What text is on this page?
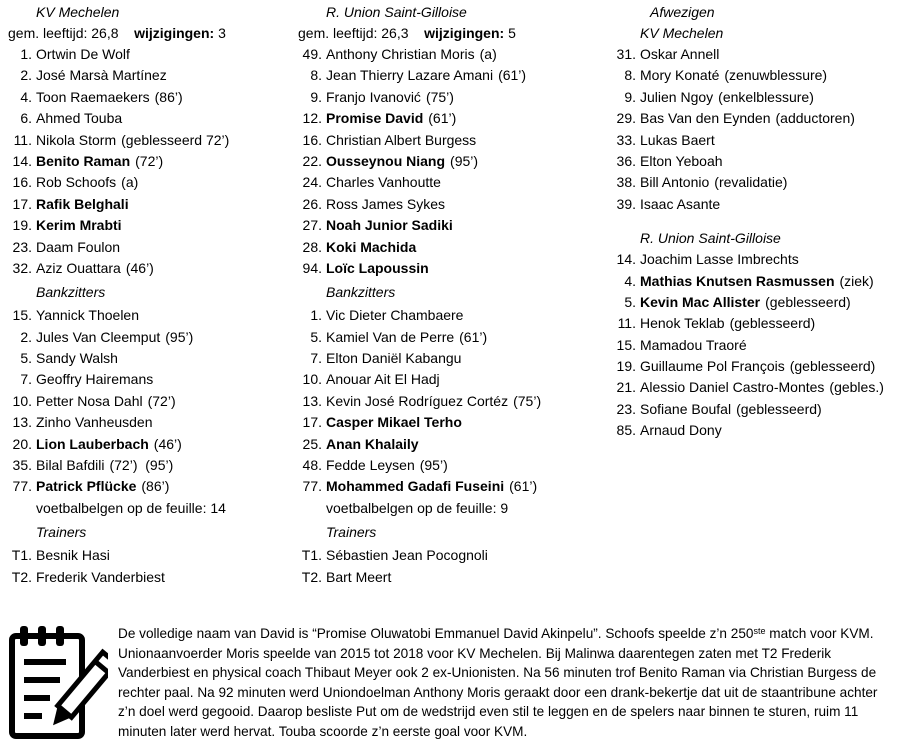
KV Mechelen
gem. leeftijd: 26,8 wijzigingen: 3
1. Ortwin De Wolf
2. José Marsà Martínez
4. Toon Raemaekers (86’)
6. Ahmed Touba
11. Nikola Storm (geblesseerd 72’)
14. Benito Raman (72’)
16. Rob Schoofs (a)
17. Rafik Belghali
19. Kerim Mrabti
23. Daam Foulon
32. Aziz Ouattara (46’)
Bankzitters
15. Yannick Thoelen
2. Jules Van Cleemput (95’)
5. Sandy Walsh
7. Geoffry Hairemans
10. Petter Nosa Dahl (72’)
13. Zinho Vanheusden
20. Lion Lauberbach (46’)
35. Bilal Bafdili (72’)  (95’)
77. Patrick Pflücke (86’)
voetbalbelgen op de feuille: 14
Trainers
T1. Besnik Hasi
T2. Frederik Vanderbiest
R. Union Saint-Gilloise
gem. leeftijd: 26,3 wijzigingen: 5
49. Anthony Christian Moris (a)
8. Jean Thierry Lazare Amani (61’)
9. Franjo Ivanović (75’)
12. Promise David (61’)
16. Christian Albert Burgess
22. Ousseynou Niang (95’)
24. Charles Vanhoutte
26. Ross James Sykes
27. Noah Junior Sadiki
28. Koki Machida
94. Loïc Lapoussin
Bankzitters
1. Vic Dieter Chambaere
5. Kamiel Van de Perre (61’)
7. Elton Daniël Kabangu
10. Anouar Ait El Hadj
13. Kevin José Rodríguez Cortéz (75’)
17. Casper Mikael Terho
25. Anan Khalaily
48. Fedde Leysen (95’)
77. Mohammed Gadafi Fuseini (61’)
voetbalbelgen op de feuille: 9
Trainers
T1. Sébastien Jean Pocognoli
T2. Bart Meert
Afwezigen
KV Mechelen
31. Oskar Annell
8. Mory Konaté (zenuwblessure)
9. Julien Ngoy (enkelblessure)
29. Bas Van den Eynden (adductoren)
33. Lukas Baert
36. Elton Yeboah
38. Bill Antonio (revalidatie)
39. Isaac Asante
R. Union Saint-Gilloise
14. Joachim Lasse Imbrechts
4. Mathias Knutsen Rasmussen (ziek)
5. Kevin Mac Allister (geblesseerd)
11. Henok Teklab (geblesseerd)
15. Mamadou Traoré
19. Guillaume Pol François (geblesseerd)
21. Alessio Daniel Castro-Montes (gebles.)
23. Sofiane Boufal (geblesseerd)
85. Arnaud Dony
De volledige naam van David is “Promise Oluwatobi Emmanuel David Akinpelu”. Schoofs speelde z’n 250ste match voor KVM. Unionaanvoerder Moris speelde van 2015 tot 2018 voor KV Mechelen. Bij Malinwa daarentegen zaten met T2 Frederik Vanderbiest en physical coach Thibaut Meyer ook 2 ex-Unionisten. Na 56 minuten trof Benito Raman via Christian Burgess de rechter paal. Na 92 minuten werd Uniondoelman Anthony Moris geraakt door een drank-bekertje dat uit de staantribune achter z’n doel werd gegooid. Daarop besliste Put om de wedstrijd even stil te leggen en de spelers naar binnen te sturen, ruim 11 minuten later werd hervat. Touba scoorde z’n eerste goal voor KVM.
